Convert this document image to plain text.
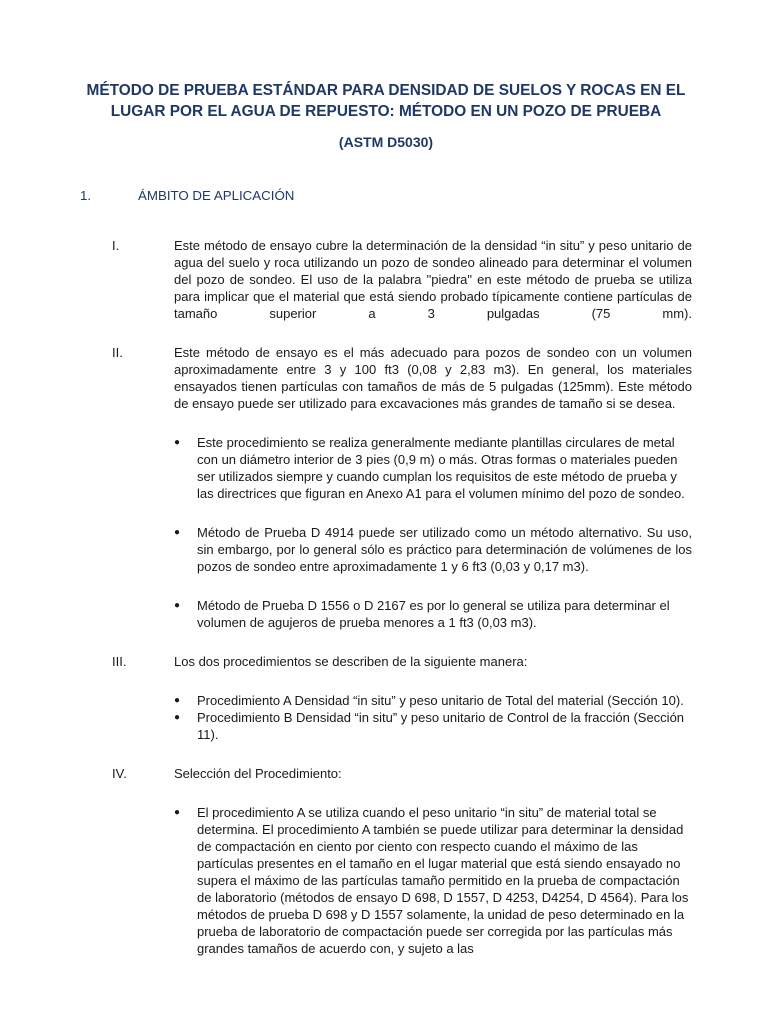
MÉTODO DE PRUEBA ESTÁNDAR PARA DENSIDAD DE SUELOS Y ROCAS EN EL
LUGAR POR EL AGUA DE REPUESTO: MÉTODO EN UN POZO DE PRUEBA

(ASTM D5030)

1.	ÁMBITO DE APLICACIÓN
I.	Este método de ensayo cubre la determinación de la densidad “in situ” y peso unitario de agua del suelo y roca utilizando un pozo de sondeo alineado para determinar el volumen del pozo de sondeo. El uso de la palabra "piedra" en este método de prueba se utiliza para implicar que el material que está siendo probado típicamente contiene partículas de tamaño superior a 3 pulgadas (75 mm).

II.	Este método de ensayo es el más adecuado para pozos de sondeo con un volumen aproximadamente entre 3 y 100 ft3 (0,08 y 2,83 m3). En general, los materiales ensayados tienen partículas con tamaños de más de 5 pulgadas (125mm). Este método de ensayo puede ser utilizado para excavaciones más grandes de tamaño si se desea.

●	Este procedimiento se realiza generalmente mediante plantillas circulares de metal con un diámetro interior de 3 pies (0,9 m) o más. Otras formas o materiales pueden ser utilizados siempre y cuando cumplan los requisitos de este método de prueba y las directrices que figuran en Anexo A1 para el volumen mínimo del pozo de sondeo.
●	Método de Prueba D 4914 puede ser utilizado como un método alternativo. Su uso, sin embargo, por lo general sólo es práctico para determinación de volúmenes de los pozos de sondeo entre aproximadamente 1 y 6 ft3 (0,03 y 0,17 m3).
●	Método de Prueba D 1556 o D 2167 es por lo general se utiliza para determinar el volumen de agujeros de prueba menores a 1 ft3 (0,03 m3).
III.	Los dos procedimientos se describen de la siguiente manera:

●	Procedimiento A Densidad “in situ” y peso unitario de Total del material (Sección 10).
●	Procedimiento B Densidad “in situ” y peso unitario de Control de la fracción (Sección 11).
IV.	Selección del Procedimiento:

●	El procedimiento A se utiliza cuando el peso unitario “in situ” de material total se determina. El procedimiento A también se puede utilizar para determinar la densidad de compactación en ciento por ciento con respecto cuando el máximo de las partículas presentes en el tamaño en el lugar material que está siendo ensayado no supera el máximo de las partículas tamaño permitido en la prueba de compactación de laboratorio (métodos de ensayo D 698, D 1557, D 4253, D4254, D 4564). Para los métodos de prueba D 698 y D 1557 solamente, la unidad de peso determinado en la prueba de laboratorio de compactación puede ser corregida por las partículas más grandes tamaños de acuerdo con, y sujeto a las
